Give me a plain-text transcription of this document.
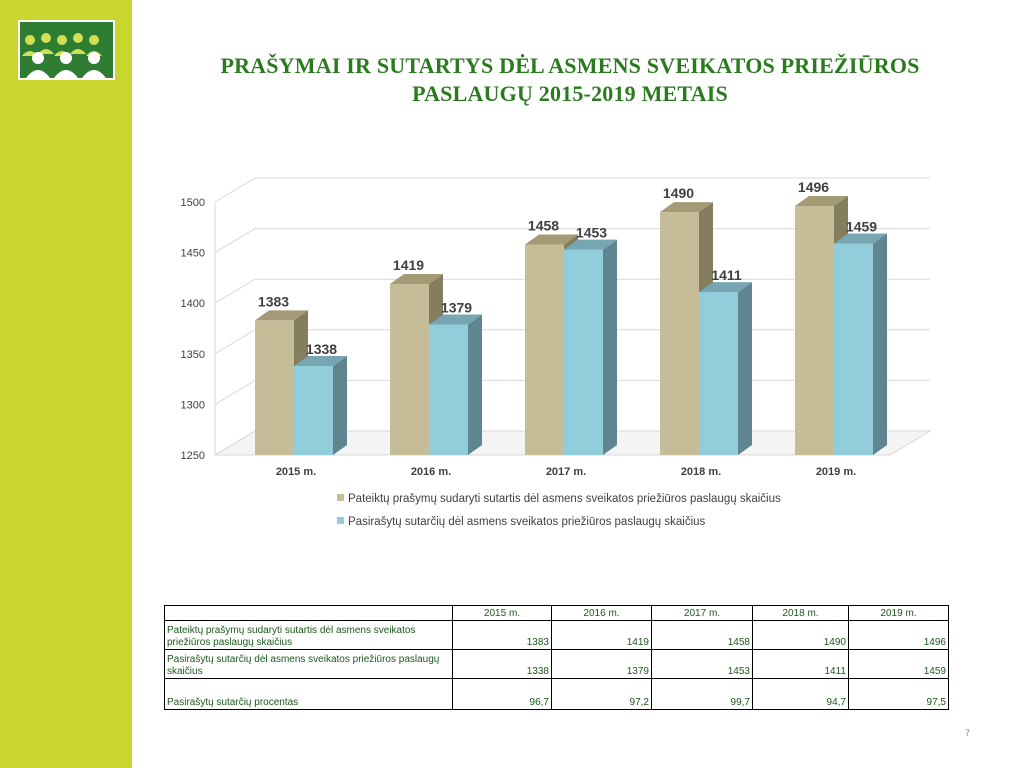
PRAŠYMAI IR SUTARTYS DĖL ASMENS SVEIKATOS PRIEŽIŪROS
PASLAUGŲ 2015-2019 METAIS
1250
1300
1350
1400
1450
1500
1383
1338
1419
1379
1458 1453
1490
1411
1496
1459
2015 m.	2016 m.	2017 m.	2018 m.	2019 m.
Pateiktų prašymų sudaryti sutartis dėl asmens sveikatos priežiūros paslaugų skaičius
Pasirašytų sutarčių dėl asmens sveikatos priežiūros paslaugų skaičius
	2015 m.	2016 m.	2017 m.	2018 m.	2019 m.

Pateiktų prašymų sudaryti sutartis dėl asmens sveikatos
priežiūros paslaugų skaičius	1383	1419	1458	1490	1496

Pasirašytų sutarčių dėl asmens sveikatos priežiūros paslaugų
skaičius	1338	1379	1453	1411	1459

Pasirašytų sutarčių procentas	96,7	97,2	99,7	94,7	97,5
7
